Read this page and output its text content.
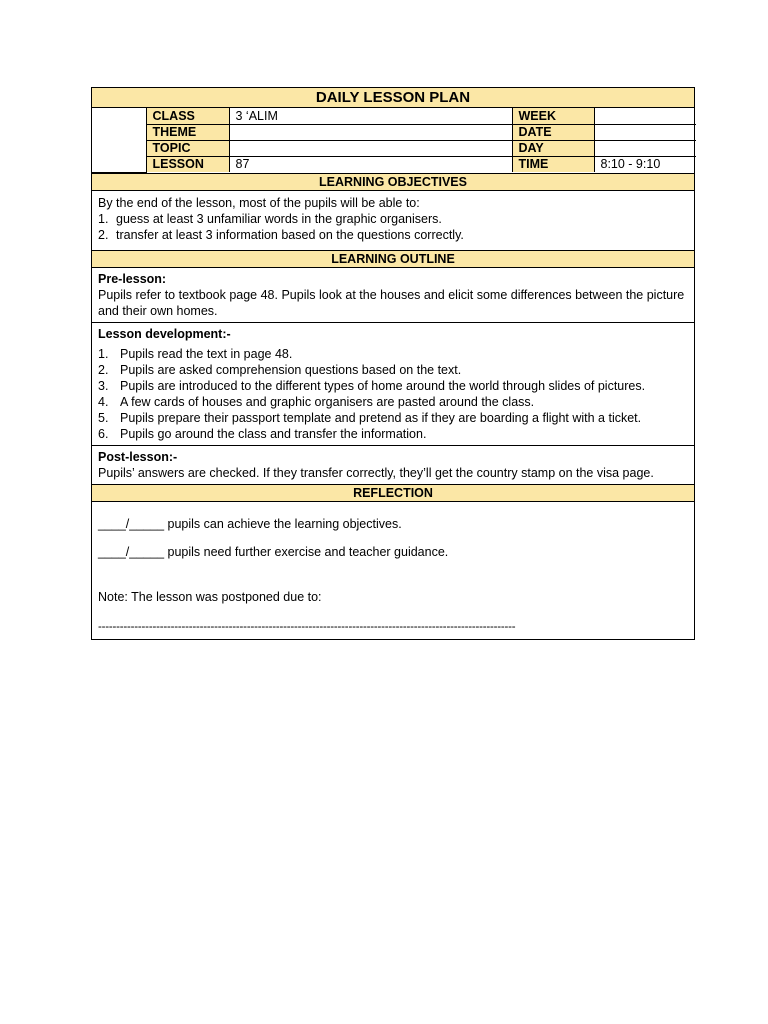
DAILY LESSON PLAN
	CLASS	3 ‘ALIM	WEEK	
	THEME		DATE	
	TOPIC		DAY	
	LESSON	87	TIME	8:10 - 9:10
LEARNING OBJECTIVES
By the end of the lesson, most of the pupils will be able to:
1. guess at least 3 unfamiliar words in the graphic organisers.
2. transfer at least 3 information based on the questions correctly.
LEARNING OUTLINE
Pre-lesson:
Pupils refer to textbook page 48. Pupils look at the houses and elicit some differences between the picture and their own homes.
Lesson development:-
1. Pupils read the text in page 48.
2. Pupils are asked comprehension questions based on the text.
3. Pupils are introduced to the different types of home around the world through slides of pictures.
4. A few cards of houses and graphic organisers are pasted around the class.
5. Pupils prepare their passport template and pretend as if they are boarding a flight with a ticket.
6. Pupils go around the class and transfer the information.
Post-lesson:-
Pupils’ answers are checked. If they transfer correctly, they’ll get the country stamp on the visa page.
REFLECTION

____/_____ pupils can achieve the learning objectives.

____/_____ pupils need further exercise and teacher guidance.

Note: The lesson was postponed due to:

-------------------------------------------------------------------------------------------------------------------
